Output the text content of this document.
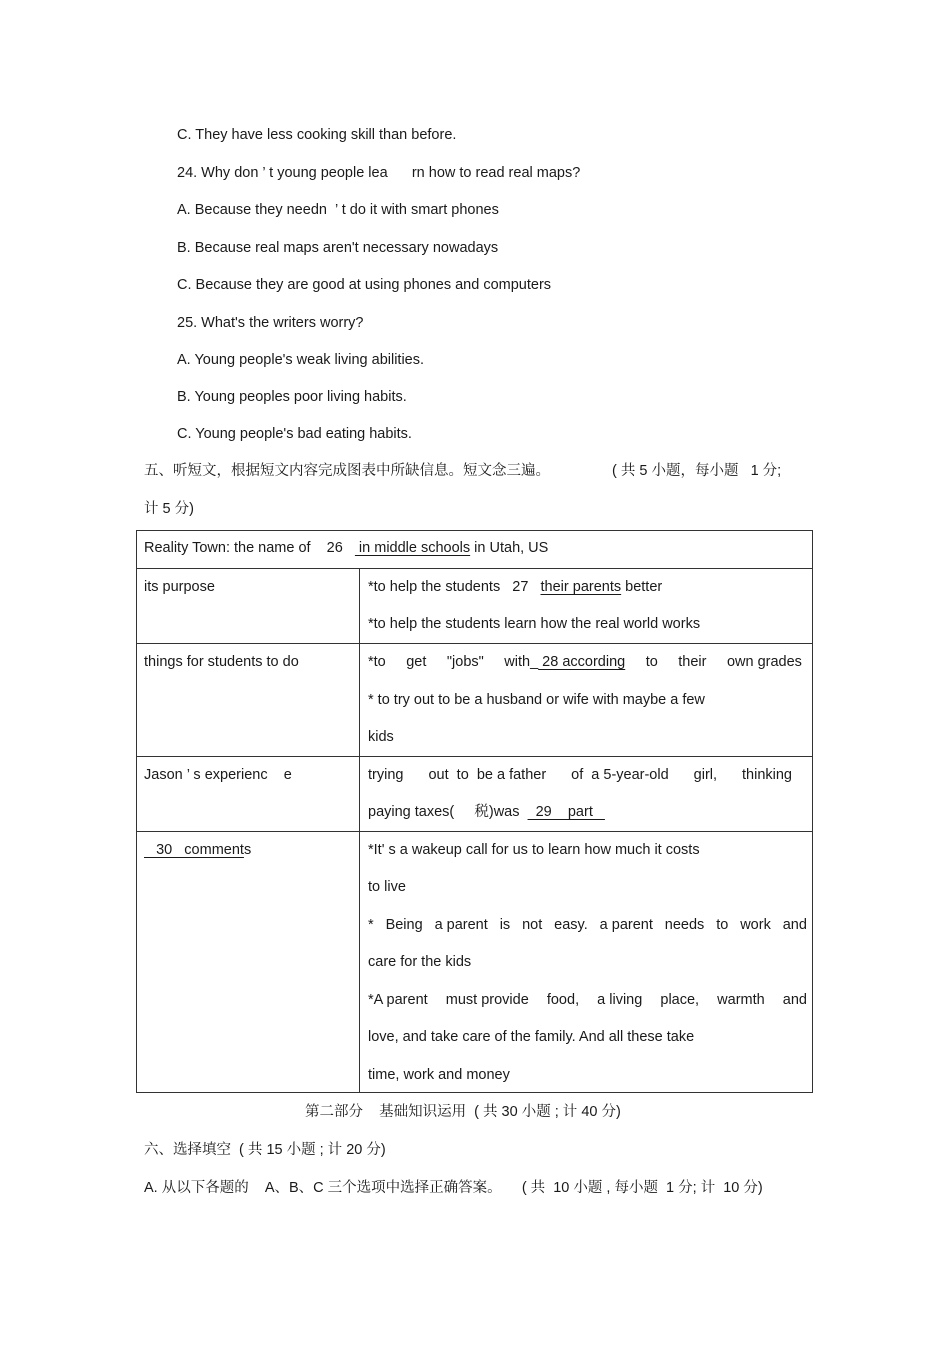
C. They have less cooking skill than before.
24. Why don ’ t young people lea      rn how to read real maps?
A. Because they needn  ’ t do it with smart phones
B. Because real maps aren't necessary nowadays
C. Because they are good at using phones and computers
25. What's the writers worry?
A. Young people's weak living abilities.
B. Young peoples poor living habits.
C. Young people's bad eating habits.
五、听短文，根据短文内容完成图表中所缺信息。短文念三遍。	( 共 5 小题，每小题   1 分;
计 5 分)
Reality Town: the name of    26    in middle schools in Utah, US
its purpose	*to help the students   27   their parents better
*to help the students learn how the real world works
things for students to do	*to get "jobs" with_ 28 according to their own grades
* to try out to be a husband or wife with maybe a few
kids
Jason ’ s experienc    e	trying out  to  be a father of  a 5-year-old girl, thinking
paying taxes(     税)was    29    part
30   comments	*It' s a wakeup call for us to learn how much it costs
to live
* Being a parent is not easy. a parent needs to work and
care for the kids
*A parent must provide food, a living place, warmth and
love, and take care of the family. And all these take
time, work and money
第二部分    基础知识运用  ( 共 30 小题 ; 计 40 分)
六、选择填空  ( 共 15 小题 ; 计 20 分)
A. 从以下各题的    A、B、C 三个选项中选择正确答案。     ( 共  10 小题 , 每小题  1 分; 计  10 分)
